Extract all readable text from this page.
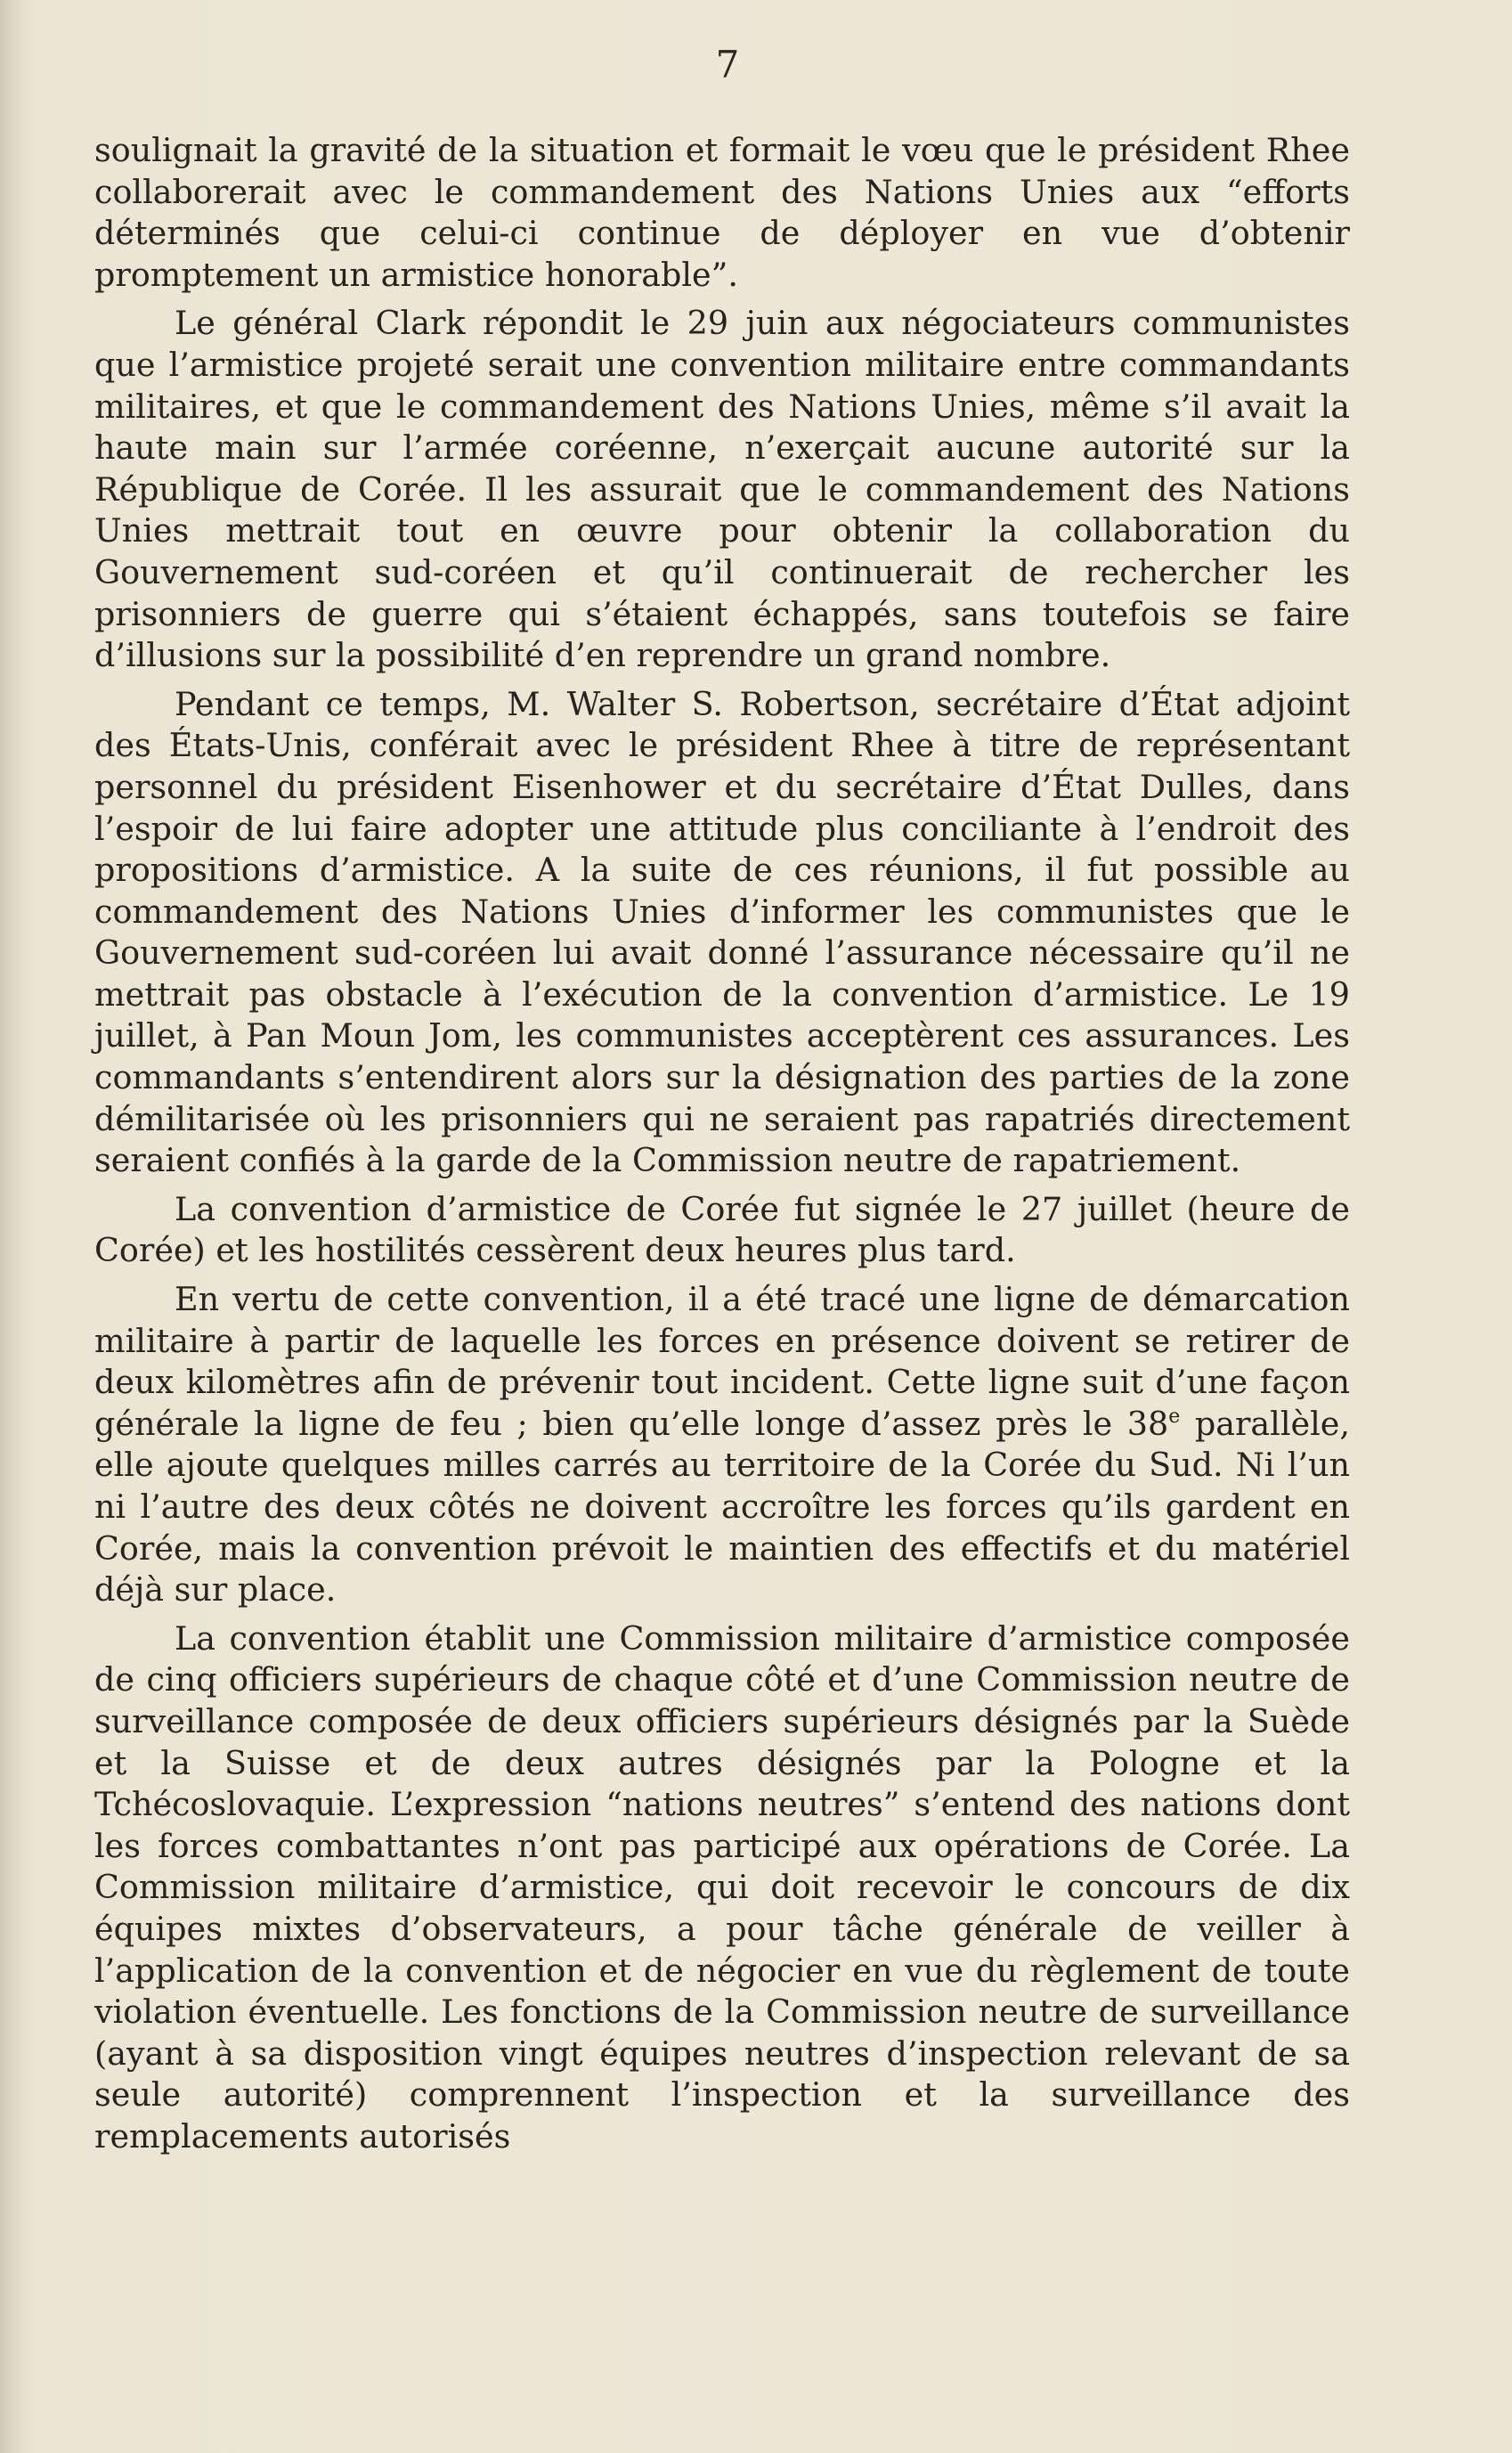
7

soulignait la gravité de la situation et formait le vœu que le président Rhee collaborerait avec le commandement des Nations Unies aux “efforts déterminés que celui-ci continue de déployer en vue d’obtenir promptement un armistice honorable”.

Le général Clark répondit le 29 juin aux négociateurs communistes que l’armistice projeté serait une convention militaire entre commandants militaires, et que le commandement des Nations Unies, même s’il avait la haute main sur l’armée coréenne, n’exerçait aucune autorité sur la République de Corée. Il les assurait que le commandement des Nations Unies mettrait tout en œuvre pour obtenir la collaboration du Gouvernement sud-coréen et qu’il continuerait de rechercher les prisonniers de guerre qui s’étaient échappés, sans toutefois se faire d’illusions sur la possibilité d’en reprendre un grand nombre.

Pendant ce temps, M. Walter S. Robertson, secrétaire d’État adjoint des États-Unis, conférait avec le président Rhee à titre de représentant personnel du président Eisenhower et du secrétaire d’État Dulles, dans l’espoir de lui faire adopter une attitude plus conciliante à l’endroit des propositions d’armistice. A la suite de ces réunions, il fut possible au commandement des Nations Unies d’informer les communistes que le Gouvernement sud-coréen lui avait donné l’assurance nécessaire qu’il ne mettrait pas obstacle à l’exécution de la convention d’armistice. Le 19 juillet, à Pan Moun Jom, les communistes acceptèrent ces assurances. Les commandants s’entendirent alors sur la désignation des parties de la zone démilitarisée où les prisonniers qui ne seraient pas rapatriés directement seraient confiés à la garde de la Commission neutre de rapatriement.

La convention d’armistice de Corée fut signée le 27 juillet (heure de Corée) et les hostilités cessèrent deux heures plus tard.

En vertu de cette convention, il a été tracé une ligne de démarcation militaire à partir de laquelle les forces en présence doivent se retirer de deux kilomètres afin de prévenir tout incident. Cette ligne suit d’une façon générale la ligne de feu ; bien qu’elle longe d’assez près le 38e parallèle, elle ajoute quelques milles carrés au territoire de la Corée du Sud. Ni l’un ni l’autre des deux côtés ne doivent accroître les forces qu’ils gardent en Corée, mais la convention prévoit le maintien des effectifs et du matériel déjà sur place.

La convention établit une Commission militaire d’armistice composée de cinq officiers supérieurs de chaque côté et d’une Commission neutre de surveillance composée de deux officiers supérieurs désignés par la Suède et la Suisse et de deux autres désignés par la Pologne et la Tchécoslovaquie. L’expression “nations neutres” s’entend des nations dont les forces combattantes n’ont pas participé aux opérations de Corée. La Commission militaire d’armistice, qui doit recevoir le concours de dix équipes mixtes d’observateurs, a pour tâche générale de veiller à l’application de la convention et de négocier en vue du règlement de toute violation éventuelle. Les fonctions de la Commission neutre de surveillance (ayant à sa disposition vingt équipes neutres d’inspection relevant de sa seule autorité) comprennent l’inspection et la surveillance des remplacements autorisés
